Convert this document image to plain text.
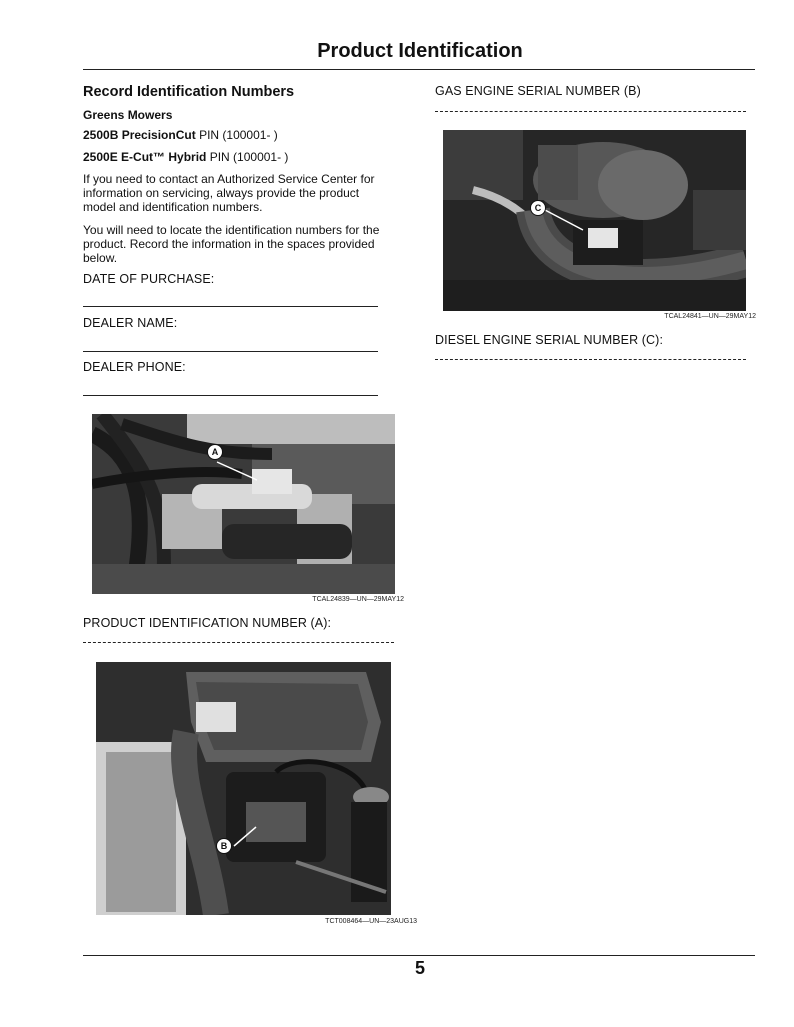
Product Identification
Record Identification Numbers
Greens Mowers
2500B PrecisionCut PIN (100001- )
2500E E-Cut™ Hybrid PIN (100001- )
If you need to contact an Authorized Service Center for
information on servicing, always provide the product
model and identification numbers.
You will need to locate the identification numbers for the
product. Record the information in the spaces provided
below.
DATE OF PURCHASE:
DEALER NAME:
DEALER PHONE:
A
TCAL24839—UN—29MAY12
PRODUCT IDENTIFICATION NUMBER (A):
B
TCT008464—UN—23AUG13
GAS ENGINE SERIAL NUMBER (B)
C
TCAL24841—UN—29MAY12
DIESEL ENGINE SERIAL NUMBER (C):
5
